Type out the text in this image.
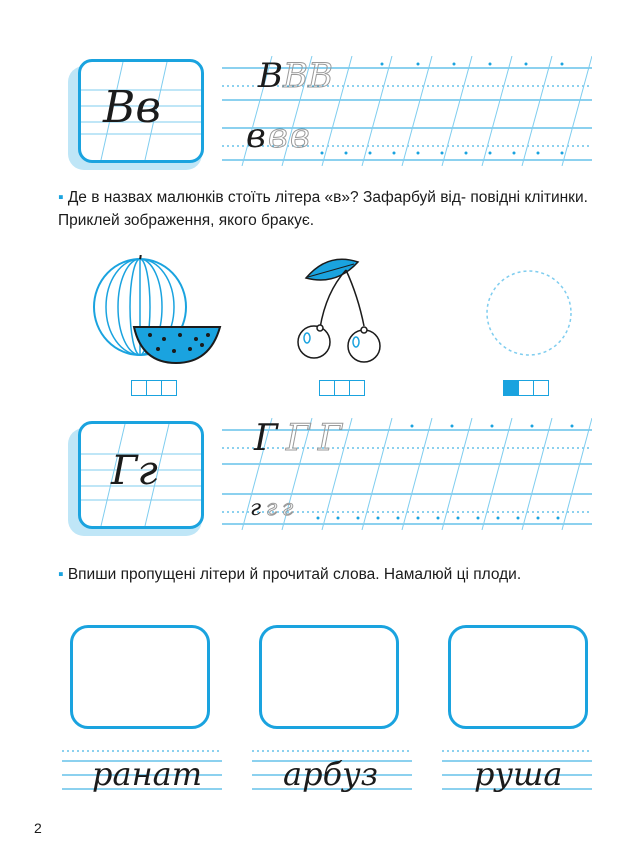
Вв
В В В
в в в
▪ Де в назвах малюнків стоїть літера «в»? Зафарбуй від- повідні клітинки. Приклей зображення, якого бракує.
Гг
Г Г Г
г г г
▪ Впиши пропущені літери й прочитай слова. Намалюй ці плоди.
ранат	арбуз	руша
2
